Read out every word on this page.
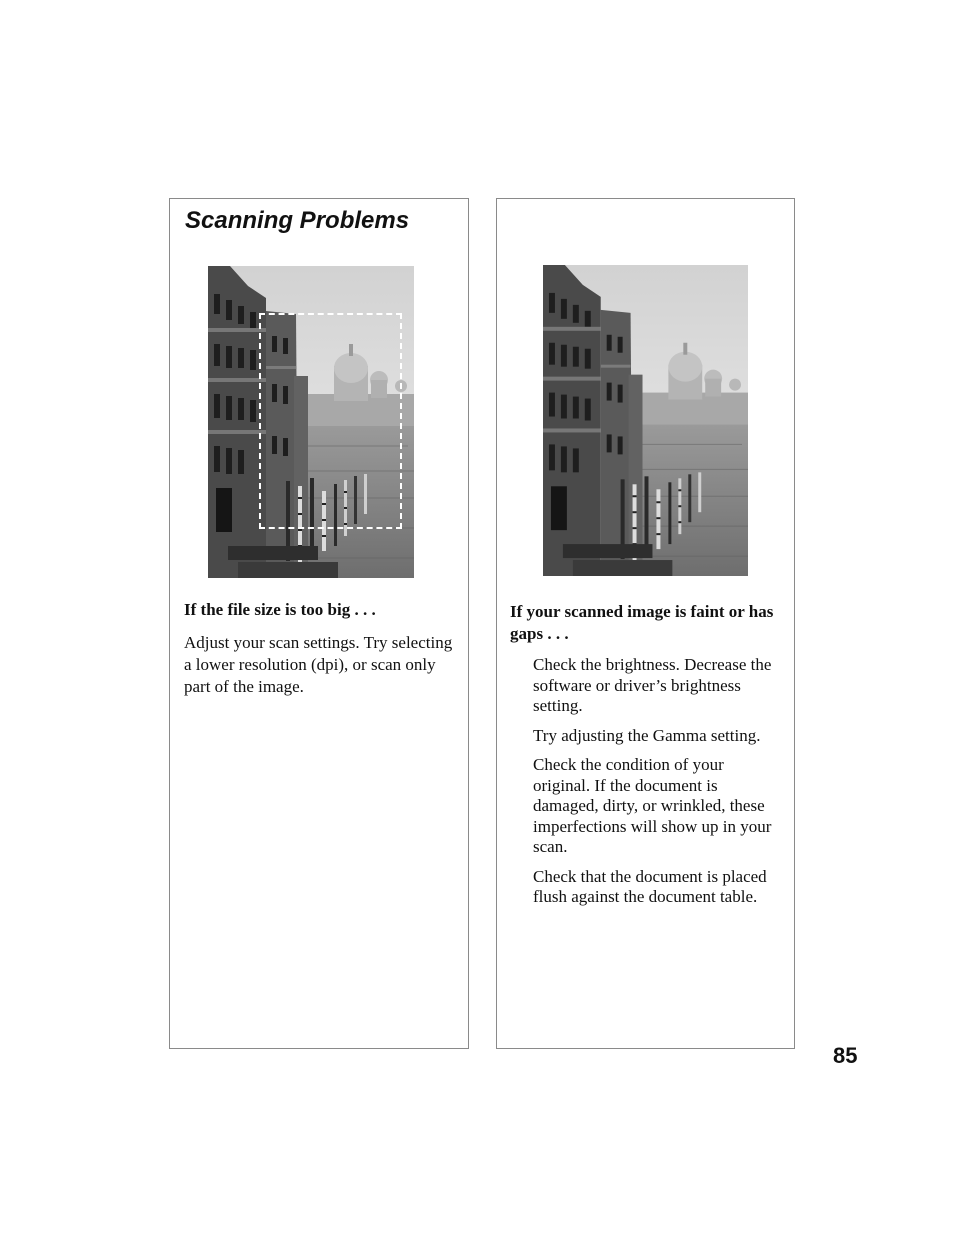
Scanning Problems

If the file size is too big . . .

Adjust your scan settings. Try selecting a lower resolution (dpi), or scan only part of the image.

If your scanned image is faint or has gaps . . .

Check the brightness. Decrease the software or driver’s brightness setting.
Try adjusting the Gamma setting.
Check the condition of your original. If the document is damaged, dirty, or wrinkled, these imperfections will show up in your scan.
Check that the document is placed flush against the document table.
85
